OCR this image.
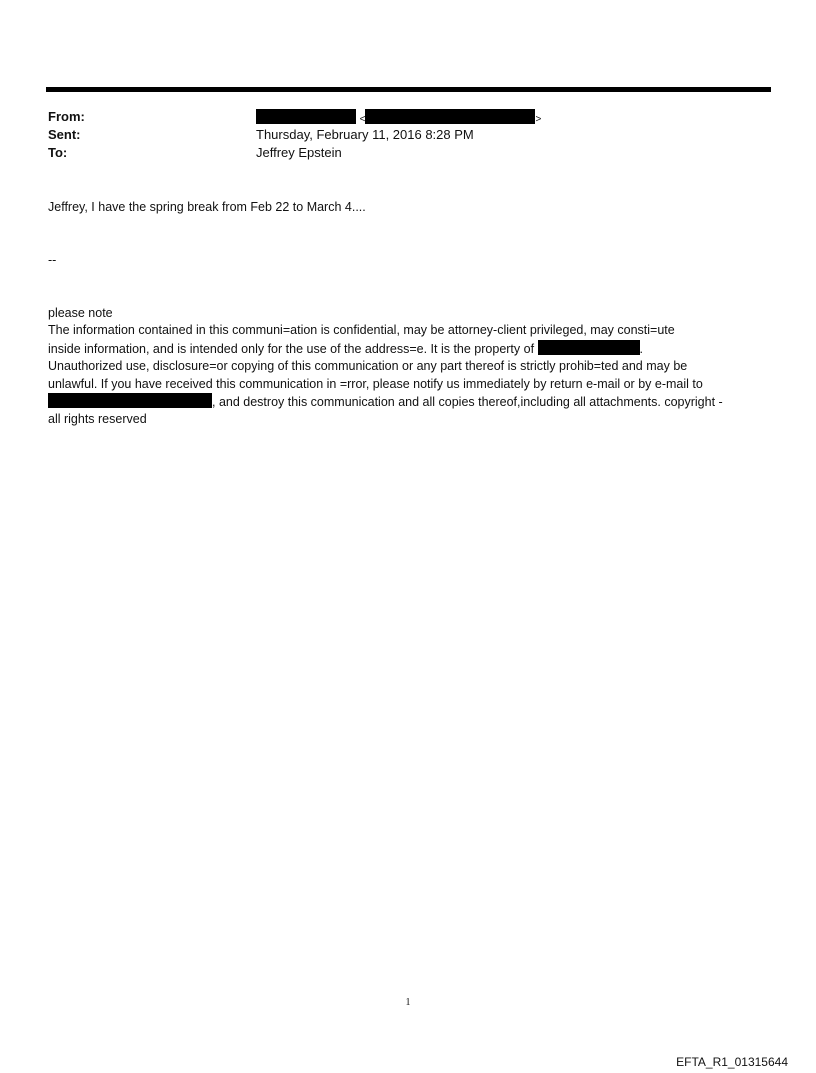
From:	<	>
Sent:	Thursday, February 11, 2016 8:28 PM
To:	Jeffrey Epstein
Jeffrey, I have the spring break from Feb 22 to March 4....
--
please note
The information contained in this communi=ation is confidential, may be attorney-client privileged, may consti=ute
inside information, and is intended only for the use of the address=e. It is the property of	.
Unauthorized use, disclosure=or copying of this communication or any part thereof is strictly prohib=ted and may be
unlawful. If you have received this communication in =rror, please notify us immediately by return e-mail or by e-mail to
, and destroy this communication and all copies thereof,including all attachments. copyright -
all rights reserved
1
EFTA_R1_01315644
